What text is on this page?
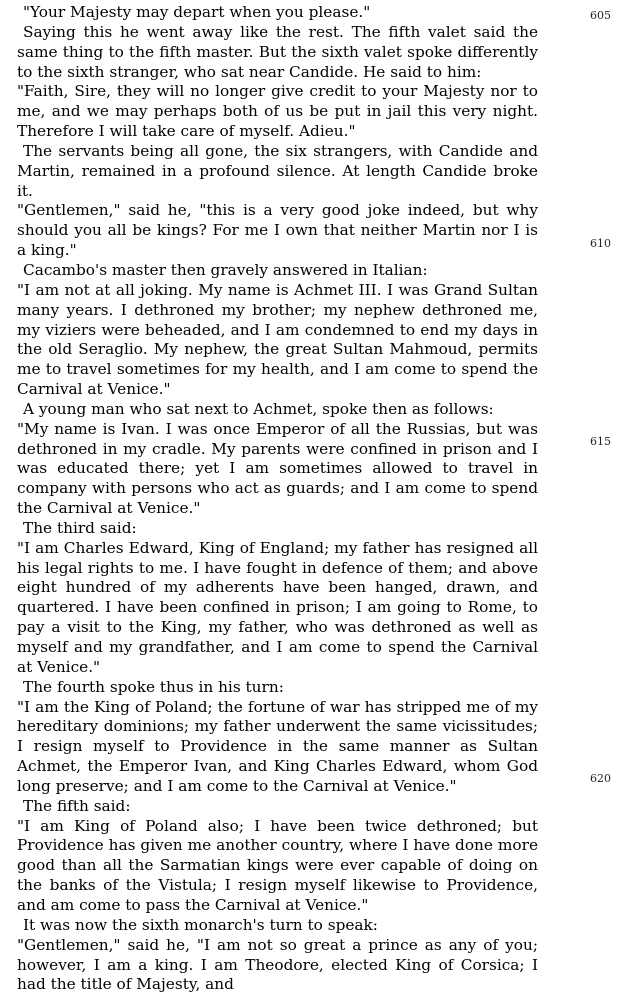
"Your Majesty may depart when you please."

Saying this he went away like the rest. The fifth valet said the same thing to the fifth master. But the sixth valet spoke differently to the sixth stranger, who sat near Candide. He said to him:

"Faith, Sire, they will no longer give credit to your Majesty nor to me, and we may perhaps both of us be put in jail this very night. Therefore I will take care of myself. Adieu."

The servants being all gone, the six strangers, with Candide and Martin, remained in a profound silence. At length Candide broke it.

"Gentlemen," said he, "this is a very good joke indeed, but why should you all be kings? For me I own that neither Martin nor I is a king."

Cacambo's master then gravely answered in Italian:

"I am not at all joking. My name is Achmet III. I was Grand Sultan many years. I dethroned my brother; my nephew dethroned me, my viziers were beheaded, and I am condemned to end my days in the old Seraglio. My nephew, the great Sultan Mahmoud, permits me to travel sometimes for my health, and I am come to spend the Carnival at Venice."

A young man who sat next to Achmet, spoke then as follows:

"My name is Ivan. I was once Emperor of all the Russias, but was dethroned in my cradle. My parents were confined in prison and I was educated there; yet I am sometimes allowed to travel in company with persons who act as guards; and I am come to spend the Carnival at Venice."

The third said:

"I am Charles Edward, King of England; my father has resigned all his legal rights to me. I have fought in defence of them; and above eight hundred of my adherents have been hanged, drawn, and quartered. I have been confined in prison; I am going to Rome, to pay a visit to the King, my father, who was dethroned as well as myself and my grandfather, and I am come to spend the Carnival at Venice."

The fourth spoke thus in his turn:

"I am the King of Poland; the fortune of war has stripped me of my hereditary dominions; my father underwent the same vicissitudes; I resign myself to Providence in the same manner as Sultan Achmet, the Emperor Ivan, and King Charles Edward, whom God long preserve; and I am come to the Carnival at Venice."

The fifth said:

"I am King of Poland also; I have been twice dethroned; but Providence has given me another country, where I have done more good than all the Sarmatian kings were ever capable of doing on the banks of the Vistula; I resign myself likewise to Providence, and am come to pass the Carnival at Venice."

It was now the sixth monarch's turn to speak:

"Gentlemen," said he, "I am not so great a prince as any of you; however, I am a king. I am Theodore, elected King of Corsica; I had the title of Majesty, and

605
610
615
620
